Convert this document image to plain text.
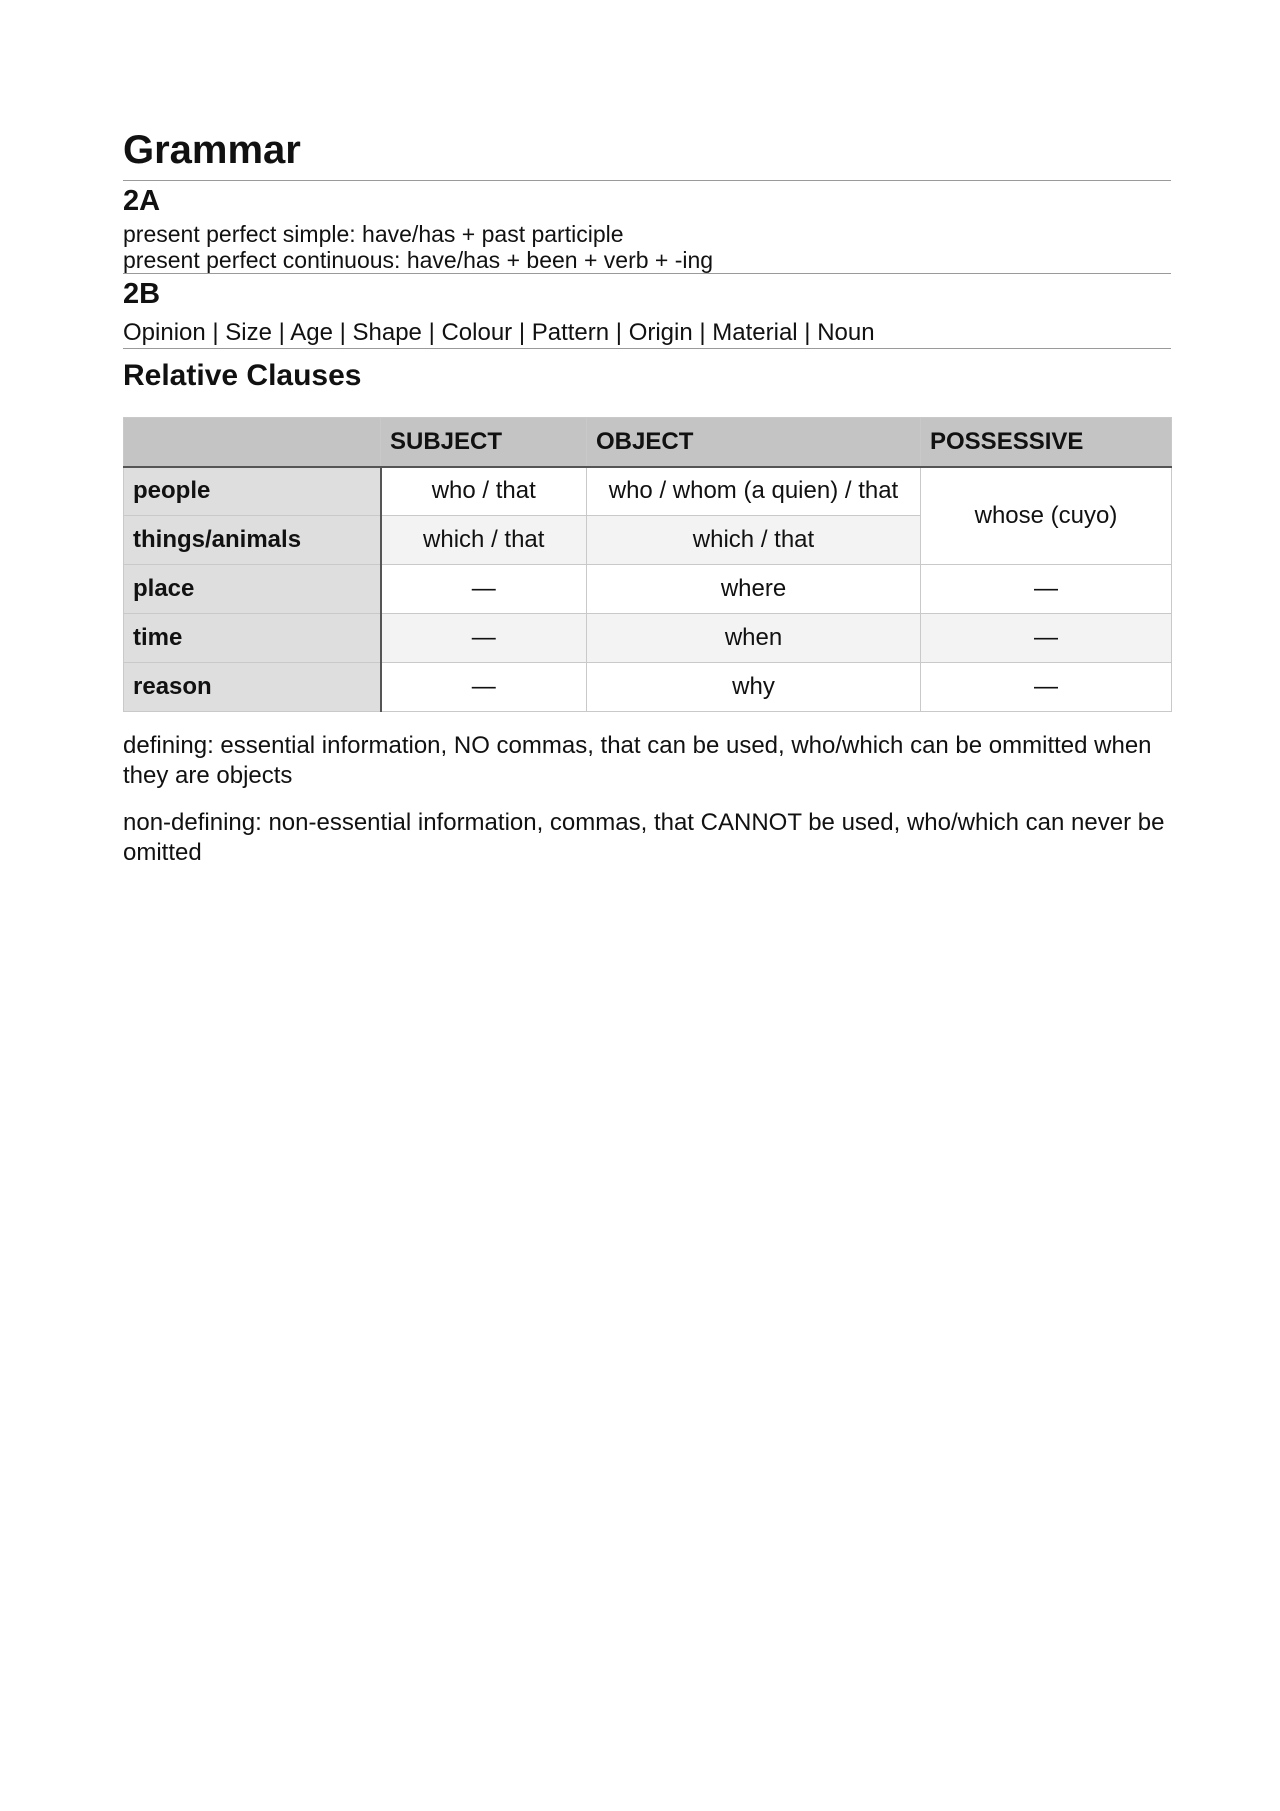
Grammar
2A

present perfect simple: have/has + past participle

present perfect continuous: have/has + been + verb + -ing

2B

Opinion | Size | Age | Shape | Colour | Pattern | Origin | Material | Noun

Relative Clauses
	SUBJECT	OBJECT	POSSESSIVE
people	who / that	who / whom (a quien) / that	whose (cuyo)
things/animals	which / that	which / that	
place	—	where	—
time	—	when	—
reason	—	why	—

defining: essential information, NO commas, that can be used, who/which can be ommitted when they are objects

non-defining: non-essential information, commas, that CANNOT be used, who/which can never be omitted
